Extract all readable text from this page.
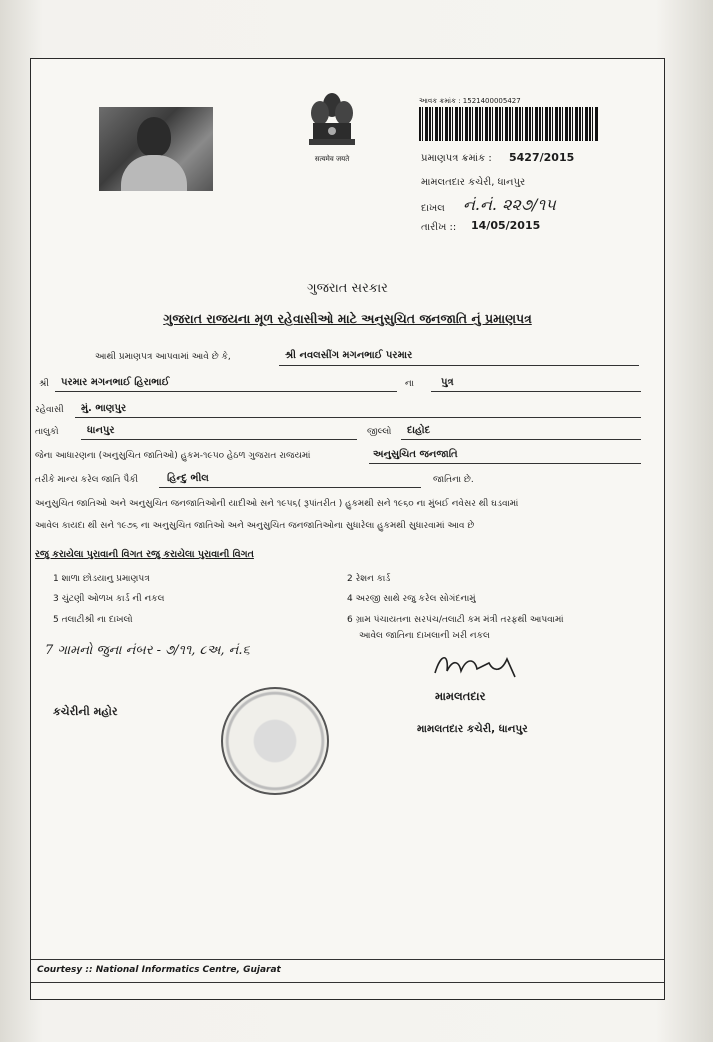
सत्यमेव जयते
આવક ક્રમાંક : 1521400005427
પ્રમાણપત્ર ક્રમાંક : 5427/2015
મામલતદાર કચેરી, ધાનપુર
દાખલ નં.નં. ૨૨૭/૧૫
તારીખ :: 14/05/2015
ગુજરાત સરકાર
ગુજરાત રાજયના મૂળ રહેવાસીઓ માટે અનુસુચિત જનજાતિ નું પ્રમાણપત્ર
આથી પ્રમાણપત્ર આપવામાં આવે છે કે,	શ્રી નવલસીંગ મગનભાઈ પરમાર
શ્રી પરમાર મગનભાઈ હિરાભાઈ	ના	પુત્ર
રહેવાસી મું. ભાણપુર
તાલુકો	ધાનપુર	જીલ્લો દાહોદ
જેના આધારણના (અનુસુચિત જાતિઓ) હુકમ-૧૯૫૦ હેઠળ ગુજરાત રાજયમાં	અનુસુચિત જનજાતિ
તરીકે માન્ય કરેલ જાતિ પૈકી	હિન્દુ ભીલ	જાતિના છે.
અનુસુચિત જાતિઓ અને અનુસુચિત જનજાતિઓની યાદીઓ સને ૧૯૫૬( રૂપાંતરીત ) હુકમથી સને ૧૯૬૦ ના મુંબઈ નવેસર થી ઘડવામાં
આવેલ કાયદા થી સને ૧૯૭૬ ના અનુસુચિત જાતિઓ અને અનુસુચિત જનજાતિઓના સુધારેલા હુકમથી સુધારવામાં આવ છે
રજુ કરાયેલા પુરાવાની વિગત રજુ કરાયેલા પુરાવાની વિગત
1 શાળા છોડયાનુ પ્રમાણપત્ર	2 રેશન કાર્ડ
3 ચુંટણી ઓળખ કાર્ડ ની નકલ	4 અરજી સાથે રજુ કરેલ સોગંદનામું
5 તલાટીશ્રી ના દાખલો	6 ગ્રામ પંચાયતના સરપંચ/તલાટી કમ મંત્રી તરફથી આપવામાં
આવેલ જાતિના દાખલાની ખરી નકલ
7 ગામનો જુના નંબર - ૭/૧૧, ૮અ, નં.૬
મામલતદાર
મામલતદાર કચેરી, ધાનપુર
કચેરીની મહોર
Courtesy :: National Informatics Centre, Gujarat
